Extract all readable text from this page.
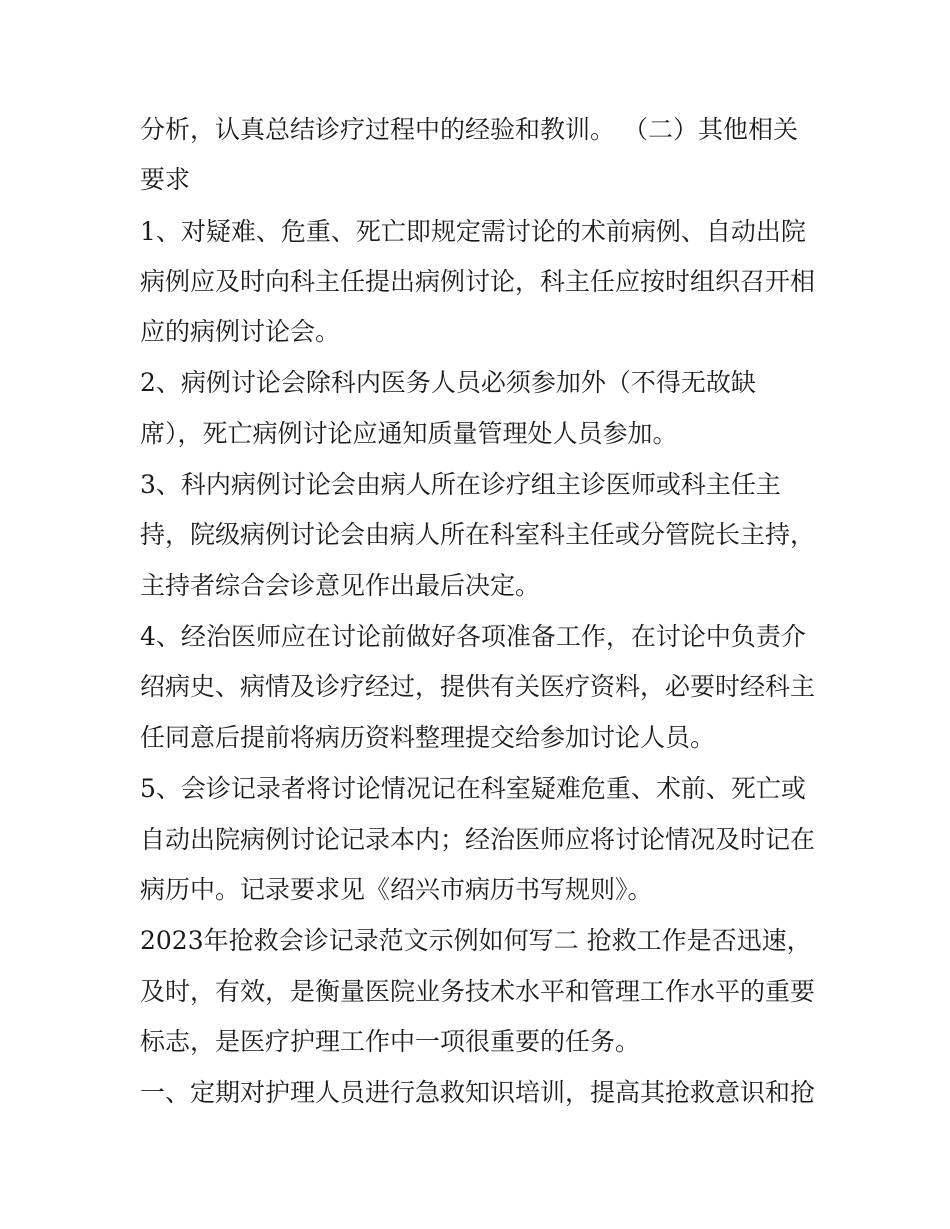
分析，认真总结诊疗过程中的经验和教训。 （二）其他相关
要求
1、对疑难、危重、死亡即规定需讨论的术前病例、自动出院
病例应及时向科主任提出病例讨论，科主任应按时组织召开相
应的病例讨论会。
2、病例讨论会除科内医务人员必须参加外（不得无故缺
席），死亡病例讨论应通知质量管理处人员参加。
3、科内病例讨论会由病人所在诊疗组主诊医师或科主任主
持，院级病例讨论会由病人所在科室科主任或分管院长主持，
主持者综合会诊意见作出最后决定。
4、经治医师应在讨论前做好各项准备工作，在讨论中负责介
绍病史、病情及诊疗经过，提供有关医疗资料，必要时经科主
任同意后提前将病历资料整理提交给参加讨论人员。
5、会诊记录者将讨论情况记在科室疑难危重、术前、死亡或
自动出院病例讨论记录本内；经治医师应将讨论情况及时记在
病历中。记录要求见《绍兴市病历书写规则》。
2023年抢救会诊记录范文示例如何写二 抢救工作是否迅速，
及时，有效，是衡量医院业务技术水平和管理工作水平的重要
标志，是医疗护理工作中一项很重要的任务。
一、定期对护理人员进行急救知识培训，提高其抢救意识和抢
